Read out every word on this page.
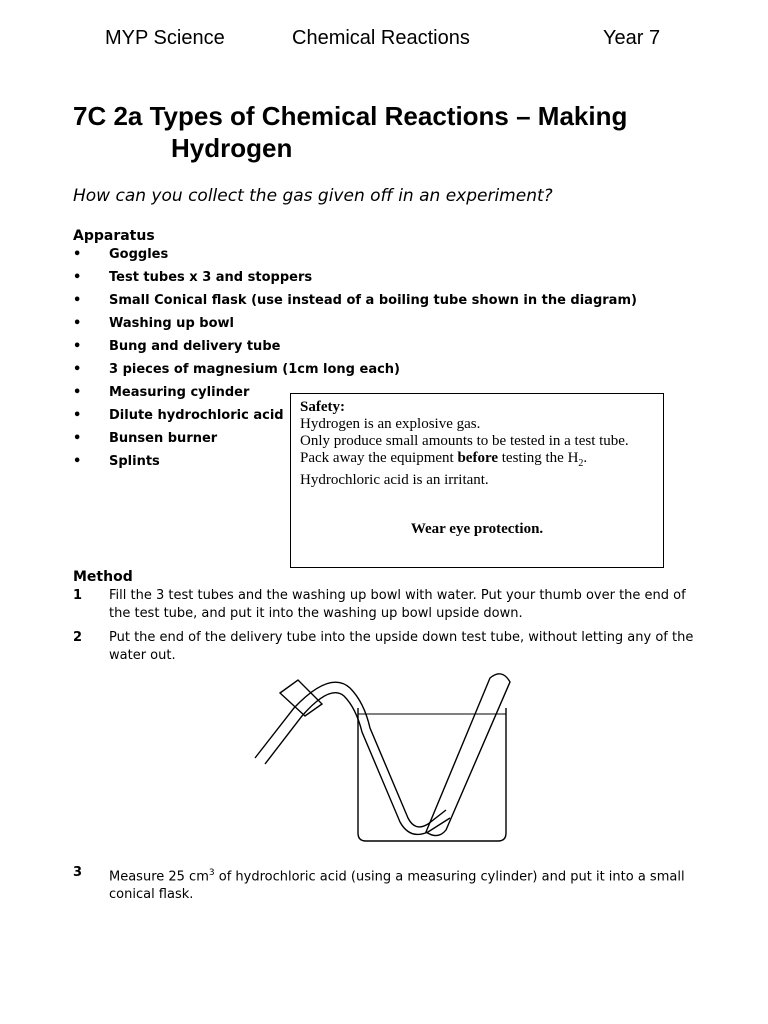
MYP Science	Chemical Reactions	Year 7
7C 2a Types of Chemical Reactions – Making
Hydrogen
How can you collect the gas given off in an experiment?
Apparatus
• Goggles
• Test tubes x 3 and stoppers
• Small Conical flask (use instead of a boiling tube shown in the diagram)
• Washing up bowl
• Bung and delivery tube
• 3 pieces of magnesium (1cm long each)
• Measuring cylinder
• Dilute hydrochloric acid
• Bunsen burner
• Splints
Safety:
Hydrogen is an explosive gas.
Only produce small amounts to be tested in a test tube.
Pack away the equipment before testing the $H_2$.
Hydrochloric acid is an irritant.
Wear eye protection.
Method
1 Fill the 3 test tubes and the washing up bowl with water. Put your thumb over the end of the test tube, and put it into the washing up bowl upside down.
2 Put the end of the delivery tube into the upside down test tube, without letting any of the water out.
3 Measure 25 $cm^3$ of hydrochloric acid (using a measuring cylinder) and put it into a small conical flask.
